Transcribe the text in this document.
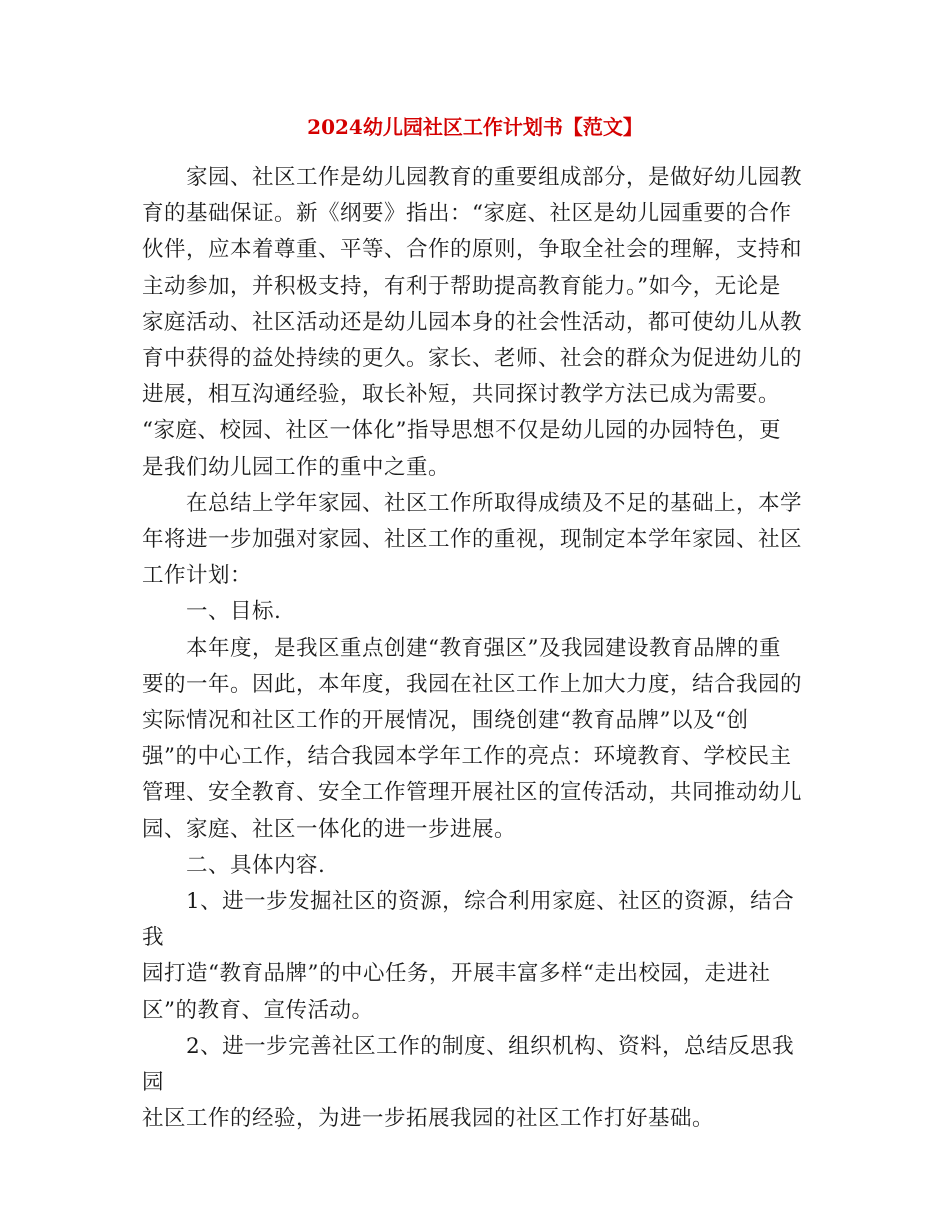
2024幼儿园社区工作计划书【范文】

　　家园、社区工作是幼儿园教育的重要组成部分，是做好幼儿园教
育的基础保证。新《纲要》指出：“家庭、社区是幼儿园重要的合作
伙伴，应本着尊重、平等、合作的原则，争取全社会的理解，支持和
主动参加，并积极支持，有利于帮助提高教育能力。”如今，无论是
家庭活动、社区活动还是幼儿园本身的社会性活动，都可使幼儿从教
育中获得的益处持续的更久。家长、老师、社会的群众为促进幼儿的
进展，相互沟通经验，取长补短，共同探讨教学方法已成为需要。
“家庭、校园、社区一体化”指导思想不仅是幼儿园的办园特色，更
是我们幼儿园工作的重中之重。

　　在总结上学年家园、社区工作所取得成绩及不足的基础上，本学
年将进一步加强对家园、社区工作的重视，现制定本学年家园、社区
工作计划：

　　一、目标.

　　本年度，是我区重点创建“教育强区”及我园建设教育品牌的重
要的一年。因此，本年度，我园在社区工作上加大力度，结合我园的
实际情况和社区工作的开展情况，围绕创建“教育品牌”以及“创
强”的中心工作，结合我园本学年工作的亮点：环境教育、学校民主
管理、安全教育、安全工作管理开展社区的宣传活动，共同推动幼儿
园、家庭、社区一体化的进一步进展。

　　二、具体内容.

　　1、进一步发掘社区的资源，综合利用家庭、社区的资源，结合我
园打造“教育品牌”的中心任务，开展丰富多样“走出校园，走进社
区”的教育、宣传活动。

　　2、进一步完善社区工作的制度、组织机构、资料，总结反思我园
社区工作的经验，为进一步拓展我园的社区工作打好基础。
